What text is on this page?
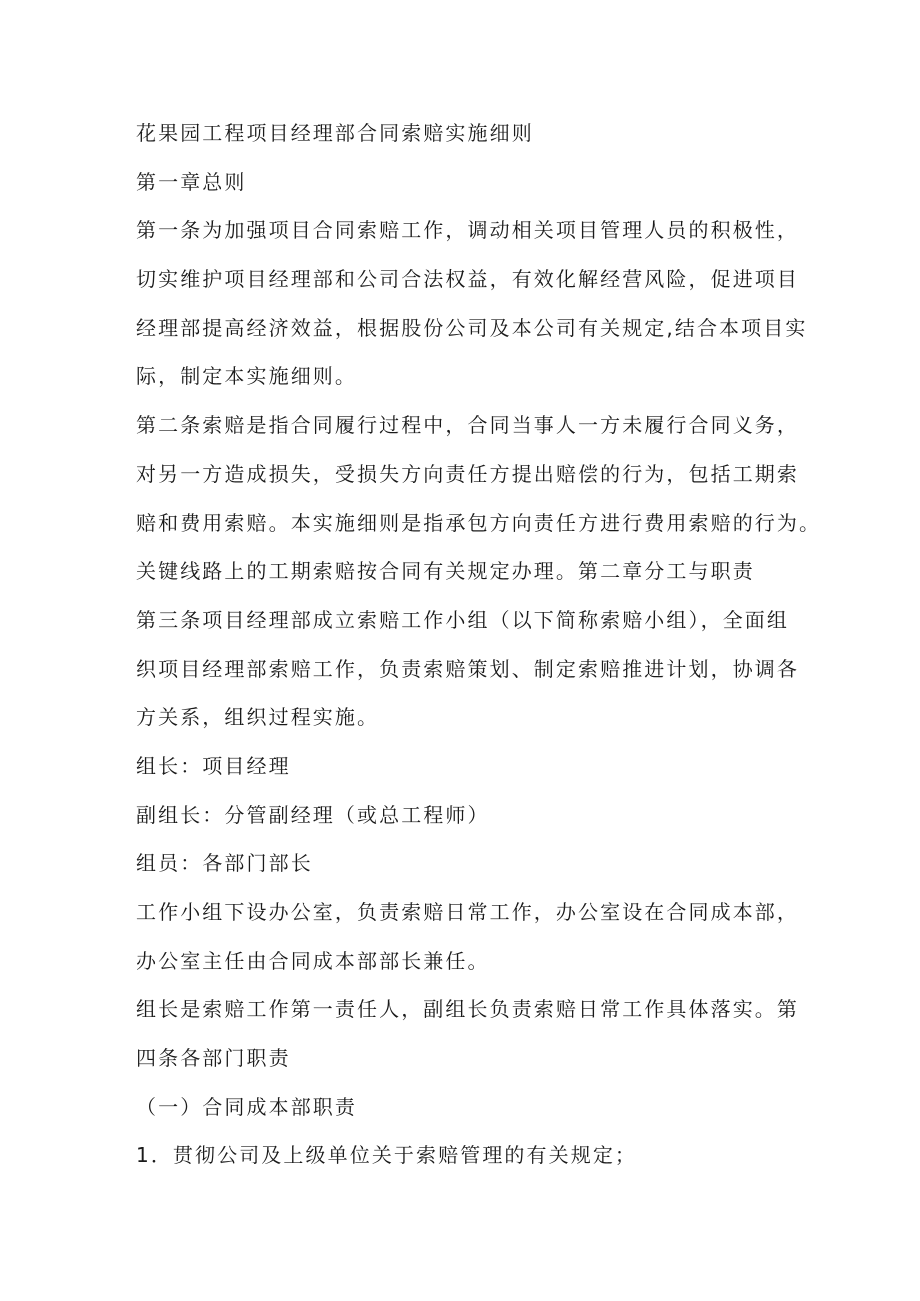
花果园工程项目经理部合同索赔实施细则
第一章总则
第一条为加强项目合同索赔工作，调动相关项目管理人员的积极性，
切实维护项目经理部和公司合法权益，有效化解经营风险，促进项目
经理部提高经济效益，根据股份公司及本公司有关规定,结合本项目实
际，制定本实施细则。
第二条索赔是指合同履行过程中，合同当事人一方未履行合同义务，
对另一方造成损失，受损失方向责任方提出赔偿的行为，包括工期索
赔和费用索赔。本实施细则是指承包方向责任方进行费用索赔的行为。
关键线路上的工期索赔按合同有关规定办理。第二章分工与职责
第三条项目经理部成立索赔工作小组（以下简称索赔小组），全面组
织项目经理部索赔工作，负责索赔策划、制定索赔推进计划，协调各
方关系，组织过程实施。
组长：项目经理
副组长：分管副经理（或总工程师）
组员：各部门部长
工作小组下设办公室，负责索赔日常工作，办公室设在合同成本部，
办公室主任由合同成本部部长兼任。
组长是索赔工作第一责任人，副组长负责索赔日常工作具体落实。第
四条各部门职责
（一）合同成本部职责
1．贯彻公司及上级单位关于索赔管理的有关规定；
